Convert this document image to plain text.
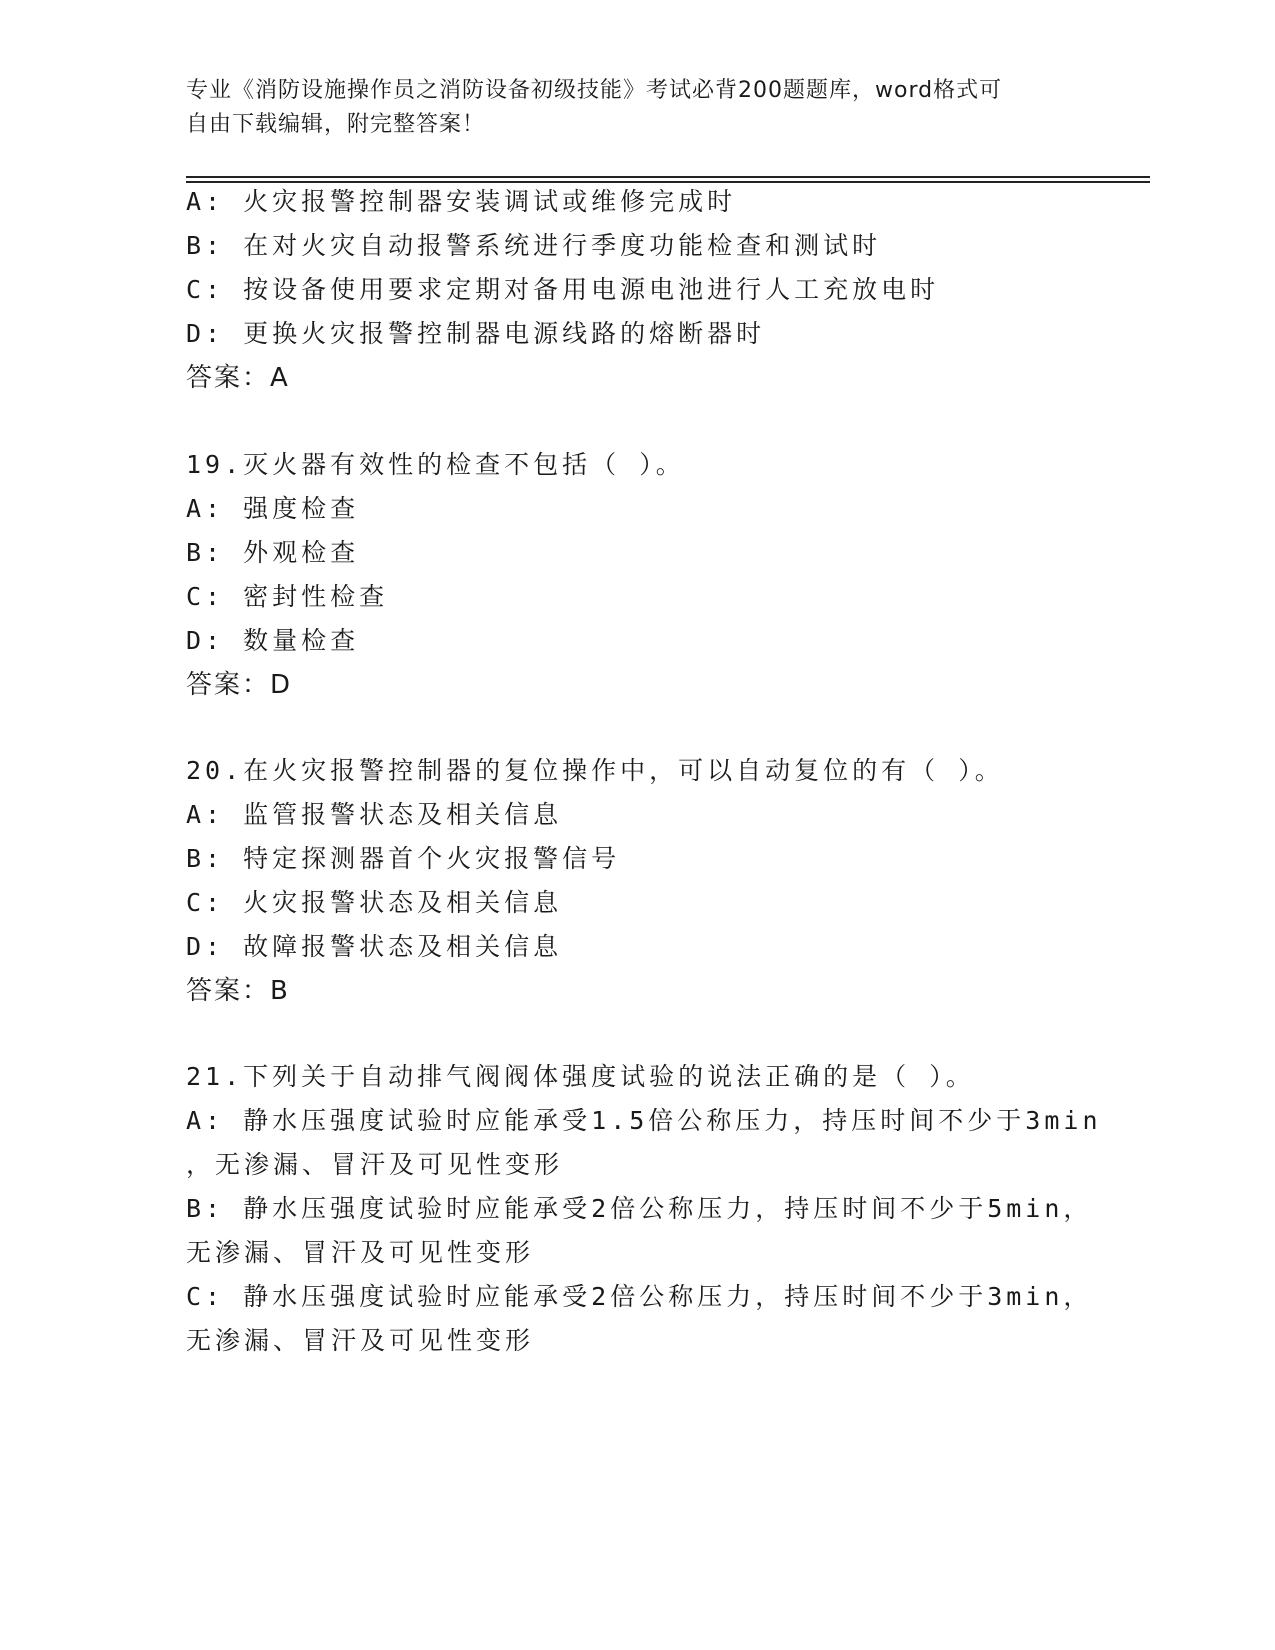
专业《消防设施操作员之消防设备初级技能》考试必背200题题库，word格式可
自由下载编辑，附完整答案！
A: 火灾报警控制器安装调试或维修完成时
B: 在对火灾自动报警系统进行季度功能检查和测试时
C: 按设备使用要求定期对备用电源电池进行人工充放电时
D: 更换火灾报警控制器电源线路的熔断器时
答案：A
19.灭火器有效性的检查不包括（ ）。
A: 强度检查
B: 外观检查
C: 密封性检查
D: 数量检查
答案：D
20.在火灾报警控制器的复位操作中，可以自动复位的有（ ）。
A: 监管报警状态及相关信息
B: 特定探测器首个火灾报警信号
C: 火灾报警状态及相关信息
D: 故障报警状态及相关信息
答案：B
21.下列关于自动排气阀阀体强度试验的说法正确的是（ ）。
A: 静水压强度试验时应能承受1.5倍公称压力，持压时间不少于3min
，无渗漏、冒汗及可见性变形
B: 静水压强度试验时应能承受2倍公称压力，持压时间不少于5min，
无渗漏、冒汗及可见性变形
C: 静水压强度试验时应能承受2倍公称压力，持压时间不少于3min，
无渗漏、冒汗及可见性变形
